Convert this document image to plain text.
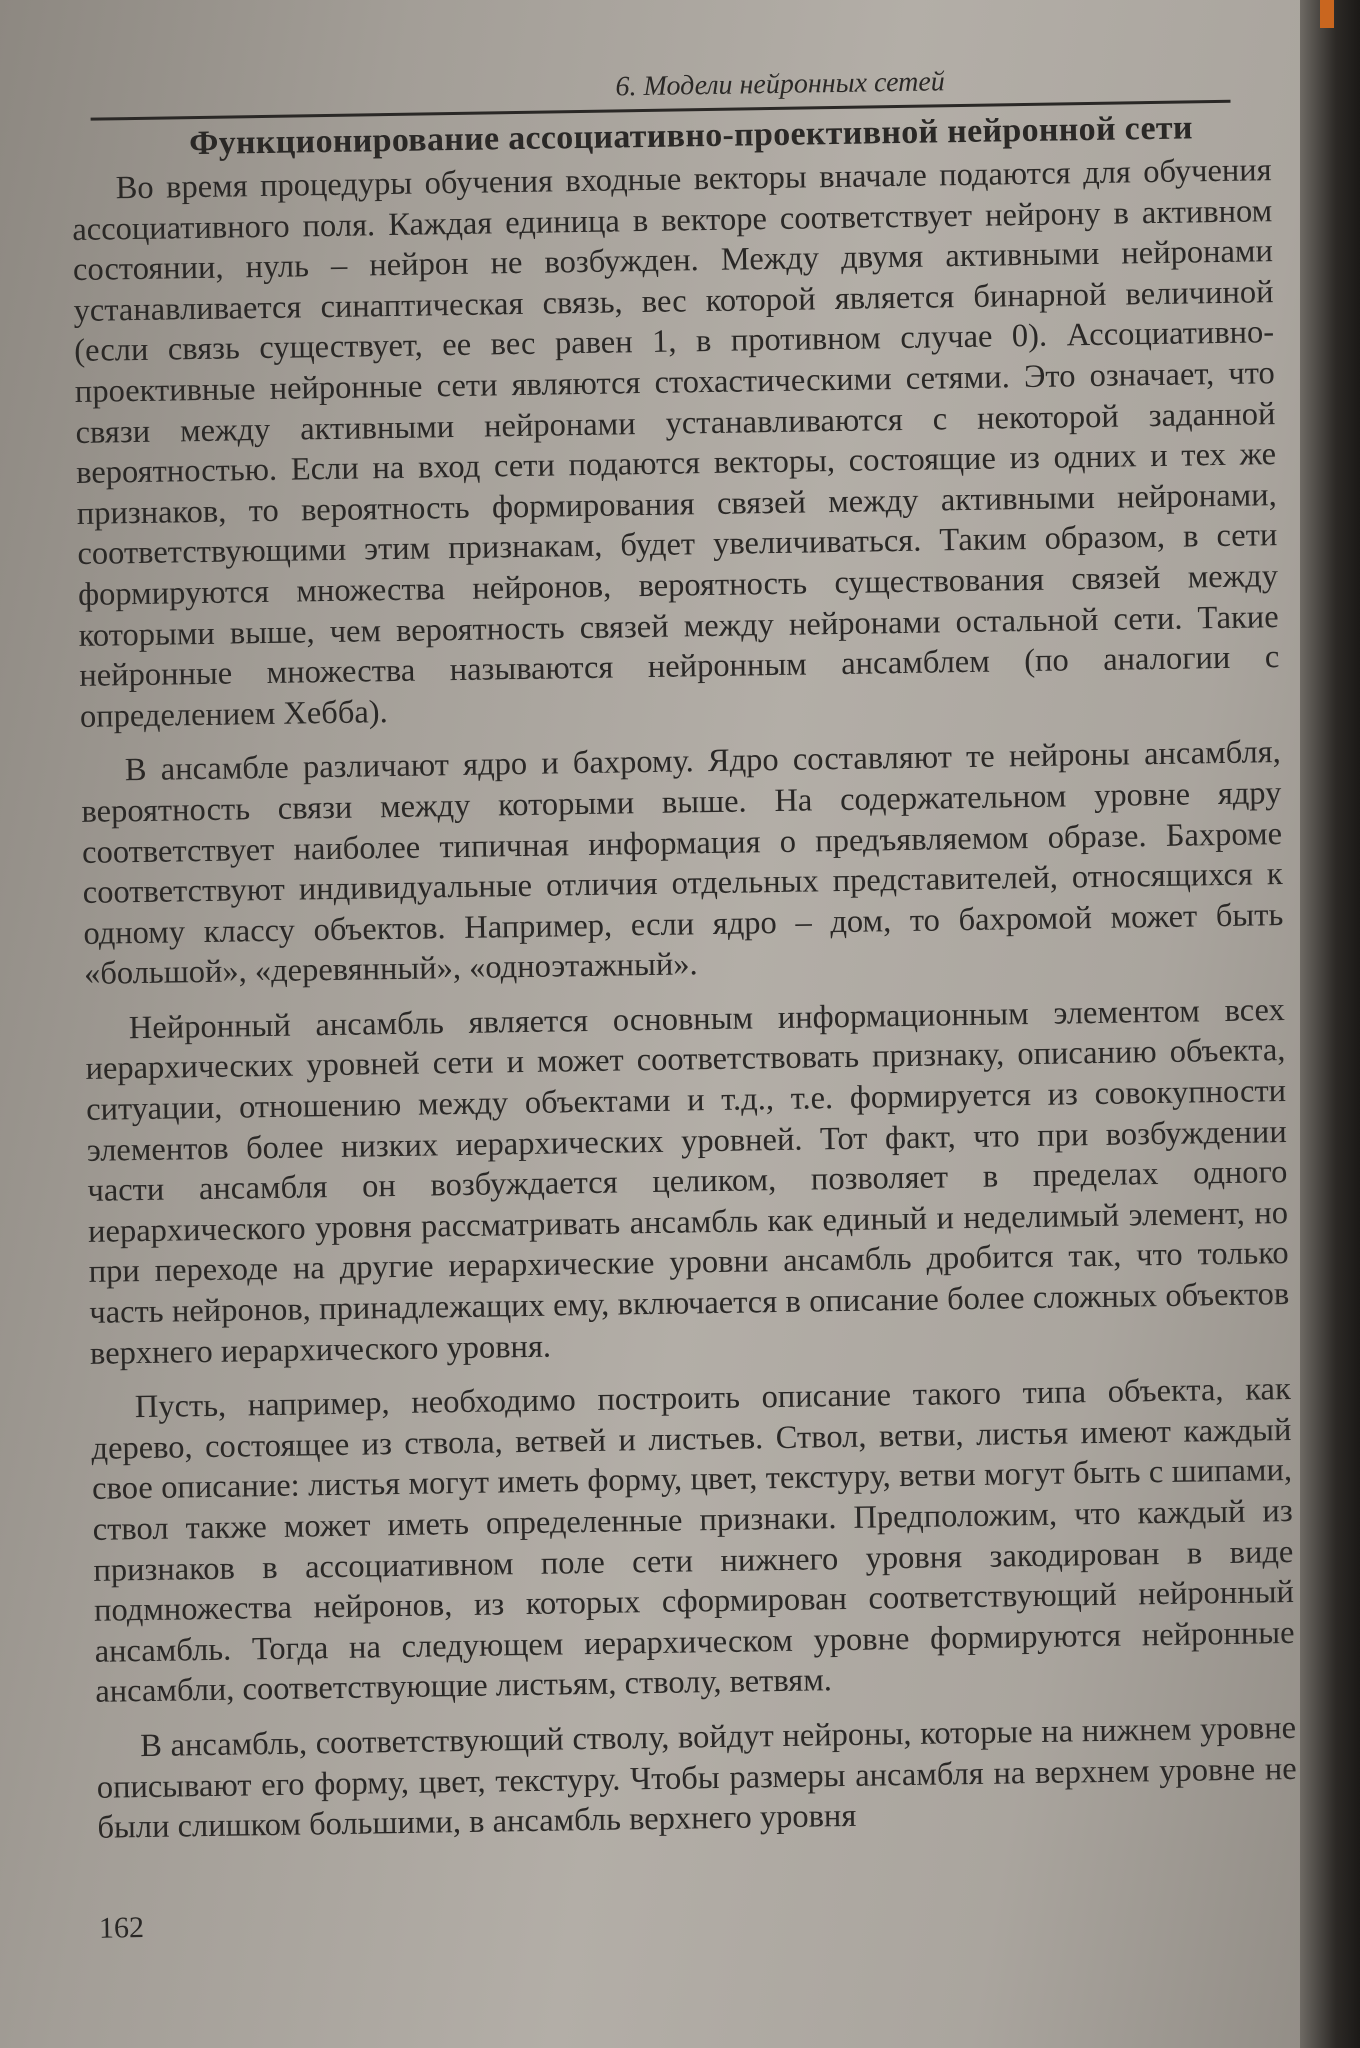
6. Модели нейронных сетей
Функционирование ассоциативно-проективной нейронной сети

Во время процедуры обучения входные векторы вначале подаются для обучения ассоциативного поля. Каждая единица в векторе соответствует нейрону в активном состоянии, нуль – нейрон не возбужден. Между двумя активными нейронами устанавливается синаптическая связь, вес которой является бинарной величиной (если связь существует, ее вес равен 1, в противном случае 0). Ассоциативно-проективные нейронные сети являются стохастическими сетями. Это означает, что связи между активными нейронами устанавливаются с некоторой заданной вероятностью. Если на вход сети подаются векторы, состоящие из одних и тех же признаков, то вероятность формирования связей между активными нейронами, соответствующими этим признакам, будет увеличиваться. Таким образом, в сети формируются множества нейронов, вероятность существования связей между которыми выше, чем вероятность связей между нейронами остальной сети. Такие нейронные множества называются нейронным ансамблем (по аналогии с определением Хебба).

В ансамбле различают ядро и бахрому. Ядро составляют те нейроны ансамбля, вероятность связи между которыми выше. На содержательном уровне ядру соответствует наиболее типичная информация о предъявляемом образе. Бахроме соответствуют индивидуальные отличия отдельных представителей, относящихся к одному классу объектов. Например, если ядро – дом, то бахромой может быть «большой», «деревянный», «одноэтажный».

Нейронный ансамбль является основным информационным элементом всех иерархических уровней сети и может соответствовать признаку, описанию объекта, ситуации, отношению между объектами и т.д., т.е. формируется из совокупности элементов более низких иерархических уровней. Тот факт, что при возбуждении части ансамбля он возбуждается целиком, позволяет в пределах одного иерархического уровня рассматривать ансамбль как единый и неделимый элемент, но при переходе на другие иерархические уровни ансамбль дробится так, что только часть нейронов, принадлежащих ему, включается в описание более сложных объектов верхнего иерархического уровня.

Пусть, например, необходимо построить описание такого типа объекта, как дерево, состоящее из ствола, ветвей и листьев. Ствол, ветви, листья имеют каждый свое описание: листья могут иметь форму, цвет, текстуру, ветви могут быть с шипами, ствол также может иметь определенные признаки. Предположим, что каждый из признаков в ассоциативном поле сети нижнего уровня закодирован в виде подмножества нейронов, из которых сформирован соответствующий нейронный ансамбль. Тогда на следующем иерархическом уровне формируются нейронные ансамбли, соответствующие листьям, стволу, ветвям.

В ансамбль, соответствующий стволу, войдут нейроны, которые на нижнем уровне описывают его форму, цвет, текстуру. Чтобы размеры ансамбля на верхнем уровне не были слишком большими, в ансамбль верхнего уровня

162
